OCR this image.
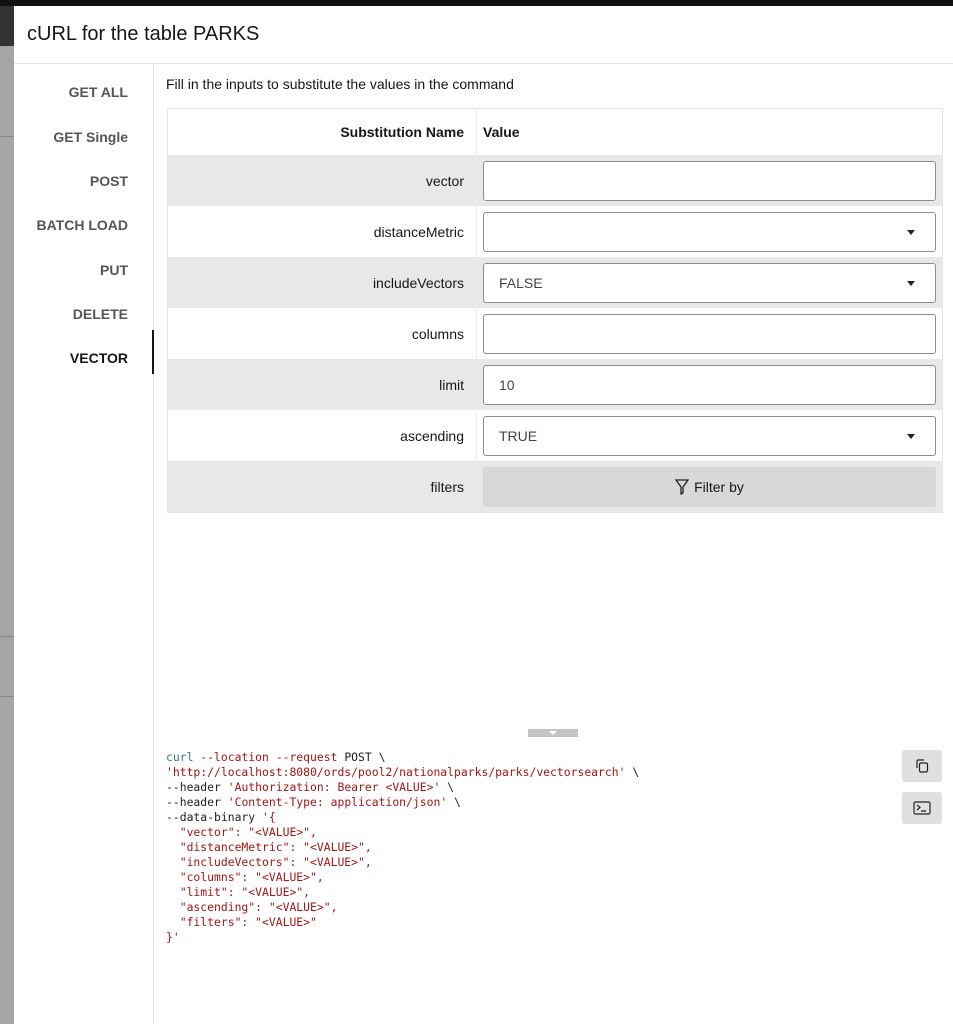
cURL for the table PARKS
GET ALL
GET Single
POST
BATCH LOAD
PUT
DELETE
VECTOR
Fill in the inputs to substitute the values in the command
Substitution Name	Value
vector
distanceMetric
includeVectors	FALSE
columns
limit	10
ascending	TRUE
filters	Filter by
curl --location --request POST \
'http://localhost:8080/ords/pool2/nationalparks/parks/vectorsearch' \
--header 'Authorization: Bearer <VALUE>' \
--header 'Content-Type: application/json' \
--data-binary '{
"vector": "<VALUE>",
"distanceMetric": "<VALUE>",
"includeVectors": "<VALUE>",
"columns": "<VALUE>",
"limit": "<VALUE>",
"ascending": "<VALUE>",
"filters": "<VALUE>"
}'
